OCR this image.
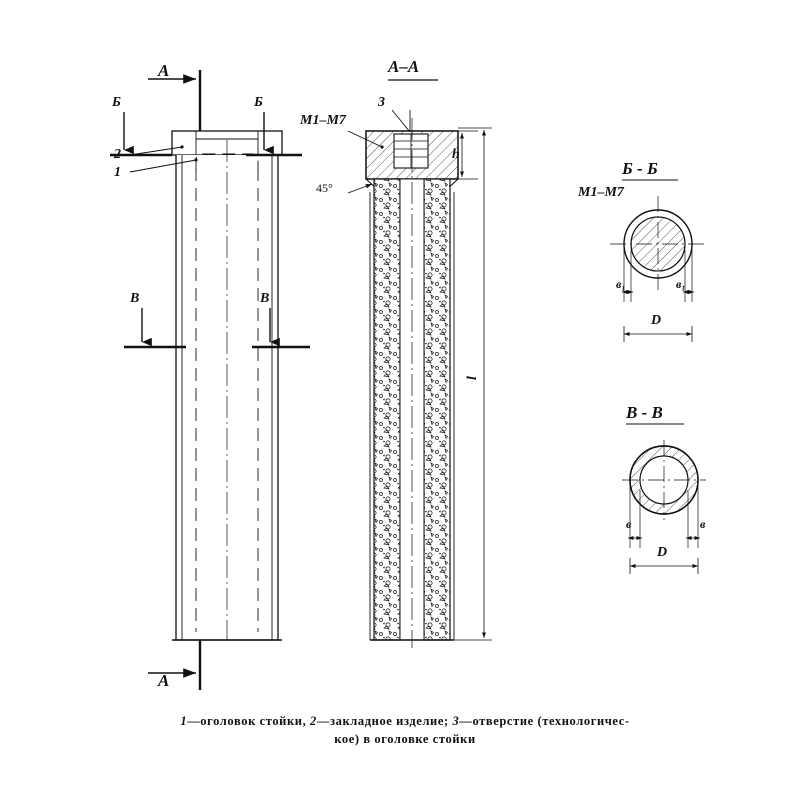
А
А
Б	Б
В	В
2
1
А–А
3
М1–М7
45°
h
l
Б - Б
М1–М7
в₁	в₁
D
В - В
в	в
D
1—оголовок стойки, 2—закладное изделие; 3—отверстие (технологичес-
кое) в оголовке стойки
